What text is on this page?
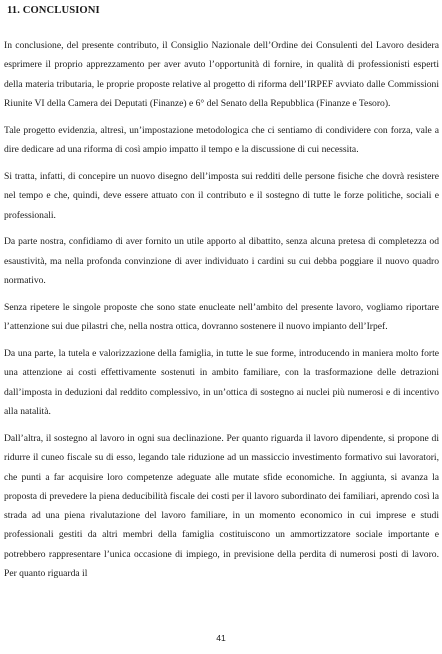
11. CONCLUSIONI

In conclusione, del presente contributo, il Consiglio Nazionale dell’Ordine dei Consulenti del Lavoro desidera esprimere il proprio apprezzamento per aver avuto l’opportunità di fornire, in qualità di professionisti esperti della materia tributaria, le proprie proposte relative al progetto di riforma dell’IRPEF avviato dalle Commissioni Riunite VI della Camera dei Deputati (Finanze) e 6° del Senato della Repubblica (Finanze e Tesoro).

Tale progetto evidenzia, altresì, un’impostazione metodologica che ci sentiamo di condividere con forza, vale a dire dedicare ad una riforma di così ampio impatto il tempo e la discussione di cui necessita.

Si tratta, infatti, di concepire un nuovo disegno dell’imposta sui redditi delle persone fisiche che dovrà resistere nel tempo e che, quindi, deve essere attuato con il contributo e il sostegno di tutte le forze politiche, sociali e professionali.

Da parte nostra, confidiamo di aver fornito un utile apporto al dibattito, senza alcuna pretesa di completezza od esaustività, ma nella profonda convinzione di aver individuato i cardini su cui debba poggiare il nuovo quadro normativo.

Senza ripetere le singole proposte che sono state enucleate nell’ambito del presente lavoro, vogliamo riportare l’attenzione sui due pilastri che, nella nostra ottica, dovranno sostenere il nuovo impianto dell’Irpef.

Da una parte, la tutela e valorizzazione della famiglia, in tutte le sue forme, introducendo in maniera molto forte una attenzione ai costi effettivamente sostenuti in ambito familiare, con la trasformazione delle detrazioni dall’imposta in deduzioni dal reddito complessivo, in un’ottica di sostegno ai nuclei più numerosi e di incentivo alla natalità.

Dall’altra, il sostegno al lavoro in ogni sua declinazione. Per quanto riguarda il lavoro dipendente, si propone di ridurre il cuneo fiscale su di esso, legando tale riduzione ad un massiccio investimento formativo sui lavoratori, che punti a far acquisire loro competenze adeguate alle mutate sfide economiche. In aggiunta, si avanza la proposta di prevedere la piena deducibilità fiscale dei costi per il lavoro subordinato dei familiari, aprendo così la strada ad una piena rivalutazione del lavoro familiare, in un momento economico in cui imprese e studi professionali gestiti da altri membri della famiglia costituiscono un ammortizzatore sociale importante e potrebbero rappresentare l’unica occasione di impiego, in previsione della perdita di numerosi posti di lavoro. Per quanto riguarda il

41
